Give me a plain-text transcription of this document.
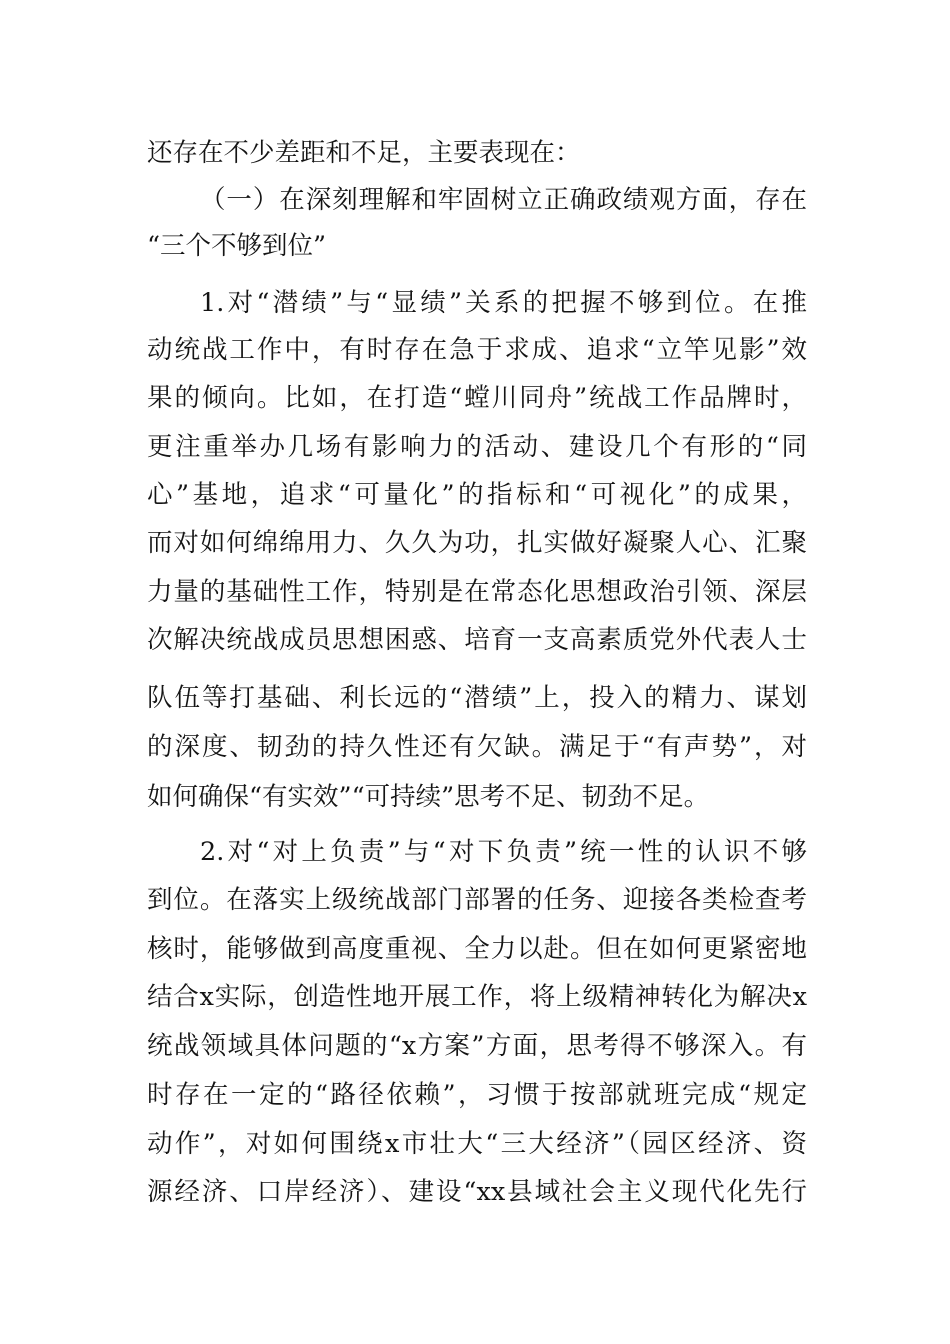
还存在不少差距和不足，主要表现在：
（一）在深刻理解和牢固树立正确政绩观方面，存在
“三个不够到位”
1.对“潜绩”与“显绩”关系的把握不够到位。在推
动统战工作中，有时存在急于求成、追求“立竿见影”效
果的倾向。比如，在打造“螳川同舟”统战工作品牌时，
更注重举办几场有影响力的活动、建设几个有形的“同
心”基地，追求“可量化”的指标和“可视化”的成果，
而对如何绵绵用力、久久为功，扎实做好凝聚人心、汇聚
力量的基础性工作，特别是在常态化思想政治引领、深层
次解决统战成员思想困惑、培育一支高素质党外代表人士
队伍等打基础、利长远的“潜绩”上，投入的精力、谋划
的深度、韧劲的持久性还有欠缺。满足于“有声势”，对
如何确保“有实效”“可持续”思考不足、韧劲不足。
2.对“对上负责”与“对下负责”统一性的认识不够
到位。在落实上级统战部门部署的任务、迎接各类检查考
核时，能够做到高度重视、全力以赴。但在如何更紧密地
结合x实际，创造性地开展工作，将上级精神转化为解决x
统战领域具体问题的“x方案”方面，思考得不够深入。有
时存在一定的“路径依赖”，习惯于按部就班完成“规定
动作”，对如何围绕x市壮大“三大经济”（园区经济、资
源经济、口岸经济）、建设“xx县域社会主义现代化先行
